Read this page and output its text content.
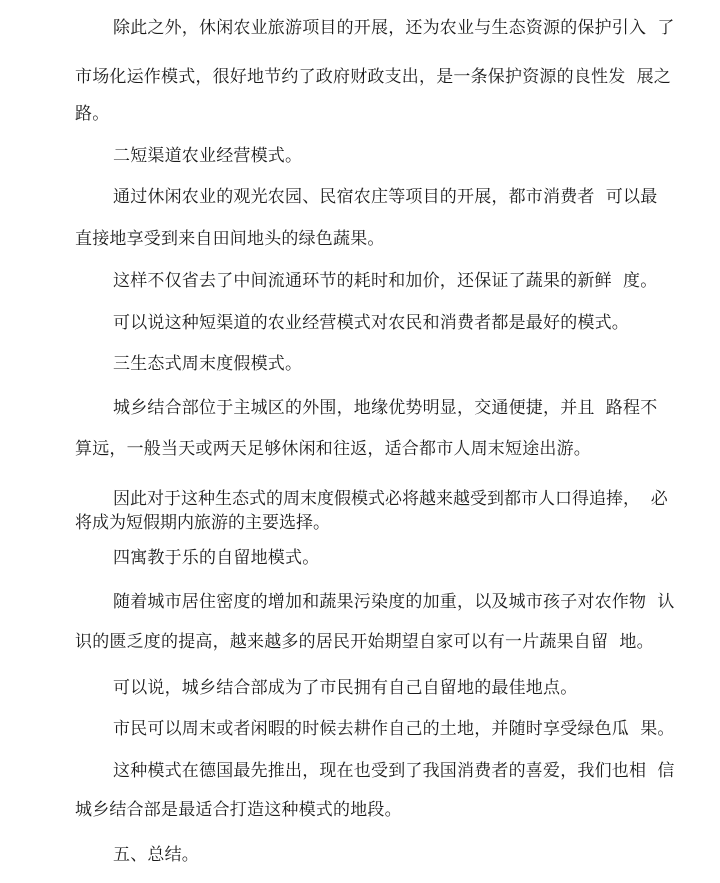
除此之外，休闲农业旅游项目的开展，还为农业与生态资源的保护引入  了
市场化运作模式，很好地节约了政府财政支出，是一条保护资源的良性发  展之
路。
二短渠道农业经营模式。
通过休闲农业的观光农园、民宿农庄等项目的开展，都市消费者  可以最
直接地享受到来自田间地头的绿色蔬果。
这样不仅省去了中间流通环节的耗时和加价，还保证了蔬果的新鲜  度。
可以说这种短渠道的农业经营模式对农民和消费者都是最好的模式。
三生态式周末度假模式。
城乡结合部位于主城区的外围，地缘优势明显，交通便捷，并且  路程不
算远，一般当天或两天足够休闲和往返，适合都市人周末短途出游。
因此对于这种生态式的周末度假模式必将越来越受到都市人口得追捧，  必
将成为短假期内旅游的主要选择。
四寓教于乐的自留地模式。
随着城市居住密度的增加和蔬果污染度的加重，以及城市孩子对农作物  认
识的匮乏度的提高，越来越多的居民开始期望自家可以有一片蔬果自留  地。
可以说，城乡结合部成为了市民拥有自己自留地的最佳地点。
市民可以周末或者闲暇的时候去耕作自己的土地，并随时享受绿色瓜  果。
这种模式在德国最先推出，现在也受到了我国消费者的喜爱，我们也相  信
城乡结合部是最适合打造这种模式的地段。
五、总结。
